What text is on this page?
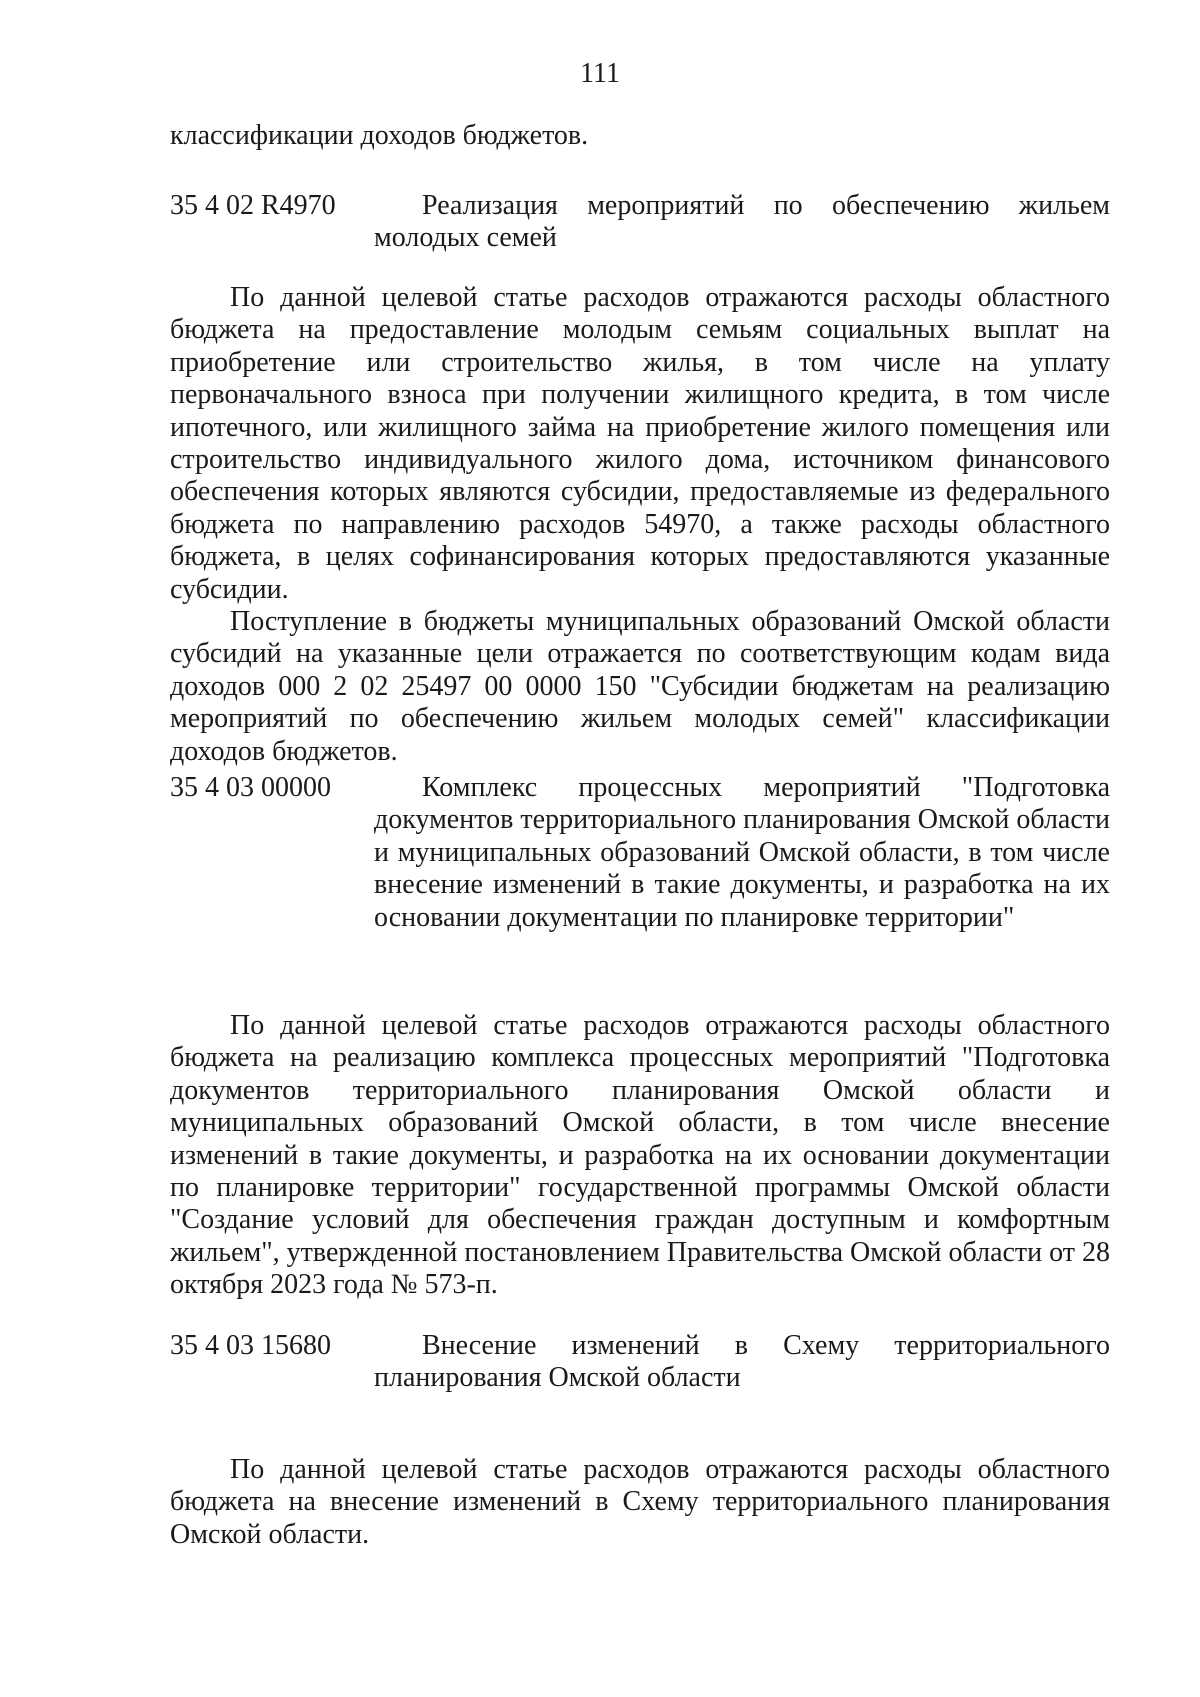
111

классификации доходов бюджетов.

35 4 02 R4970	Реализация мероприятий по обеспечению жильем молодых семей

По данной целевой статье расходов отражаются расходы областного бюджета на предоставление молодым семьям социальных выплат на приобретение или строительство жилья, в том числе на уплату первоначального взноса при получении жилищного кредита, в том числе ипотечного, или жилищного займа на приобретение жилого помещения или строительство индивидуального жилого дома, источником финансового обеспечения которых являются субсидии, предоставляемые из федерального бюджета по направлению расходов 54970, а также расходы областного бюджета, в целях софинансирования которых предоставляются указанные субсидии.

Поступление в бюджеты муниципальных образований Омской области субсидий на указанные цели отражается по соответствующим кодам вида доходов 000 2 02 25497 00 0000 150 "Субсидии бюджетам на реализацию мероприятий по обеспечению жильем молодых семей" классификации доходов бюджетов.

35 4 03 00000	Комплекс процессных мероприятий "Подготовка документов территориального планирования Омской области и муниципальных образований Омской области, в том числе внесение изменений в такие документы, и разработка на их основании документации по планировке территории"

По данной целевой статье расходов отражаются расходы областного бюджета на реализацию комплекса процессных мероприятий "Подготовка документов территориального планирования Омской области и муниципальных образований Омской области, в том числе внесение изменений в такие документы, и разработка на их основании документации по планировке территории" государственной программы Омской области "Создание условий для обеспечения граждан доступным и комфортным жильем", утвержденной постановлением Правительства Омской области от 28 октября 2023 года № 573-п.

35 4 03 15680	Внесение изменений в Схему территориального планирования Омской области

По данной целевой статье расходов отражаются расходы областного бюджета на внесение изменений в Схему территориального планирования Омской области.
